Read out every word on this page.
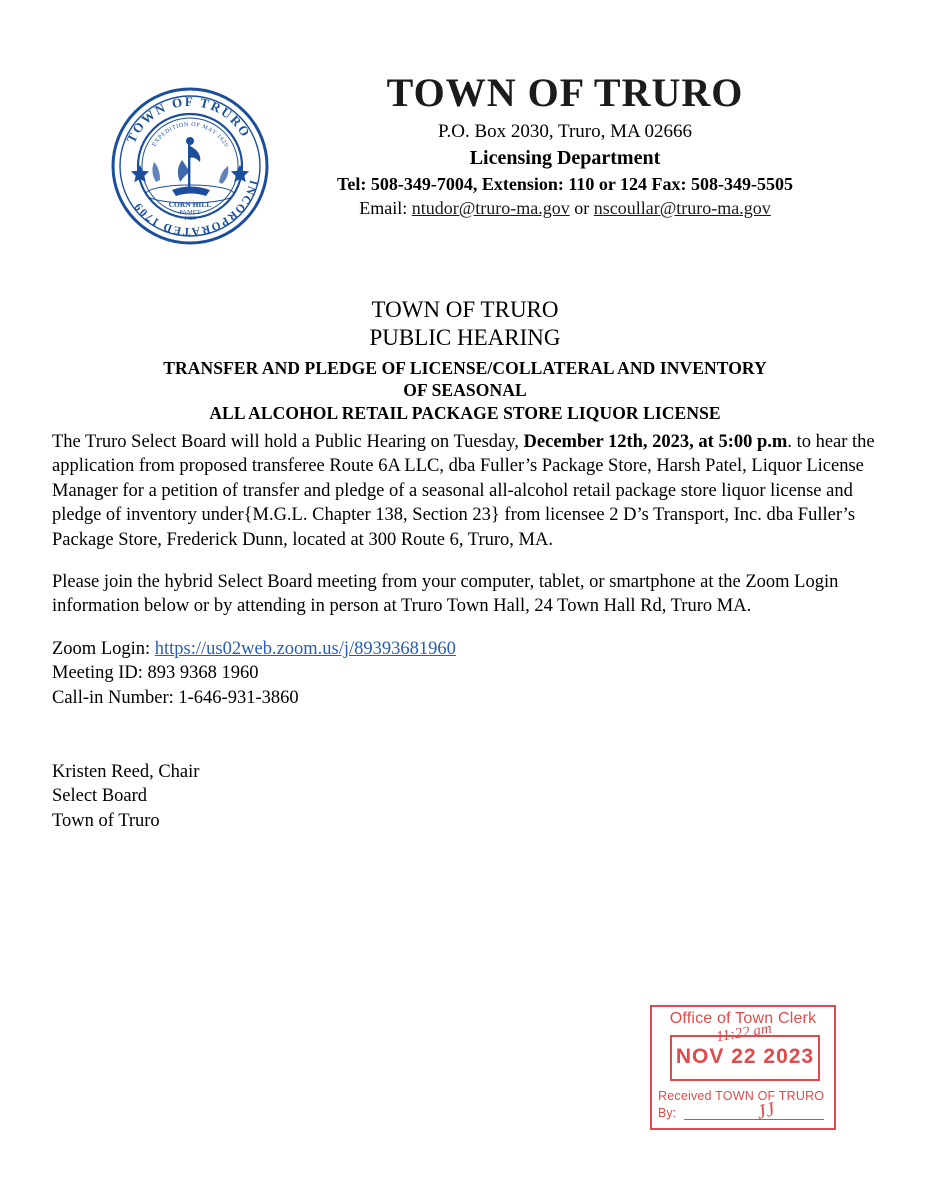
TOWN OF TRURO
INCORPORATED 1709
EXPEDITION OF MAY 1620
CORN HILL
PAMET
1620
TOWN OF TRURO
P.O. Box 2030, Truro, MA 02666
Licensing Department
Tel: 508-349-7004, Extension: 110 or 124 Fax: 508-349-5505
Email: ntudor@truro-ma.gov or nscoullar@truro-ma.gov
TOWN OF TRURO
PUBLIC HEARING
TRANSFER AND PLEDGE OF LICENSE/COLLATERAL AND INVENTORY
OF SEASONAL
ALL ALCOHOL RETAIL PACKAGE STORE LIQUOR LICENSE

The Truro Select Board will hold a Public Hearing on Tuesday, December 12th, 2023, at 5:00 p.m. to hear the application from proposed transferee Route 6A LLC, dba Fuller’s Package Store, Harsh Patel, Liquor License Manager for a petition of transfer and pledge of a seasonal all-alcohol retail package store liquor license and pledge of inventory under{M.G.L. Chapter 138, Section 23} from licensee 2 D’s Transport, Inc. dba Fuller’s Package Store, Frederick Dunn, located at 300 Route 6, Truro, MA.

Please join the hybrid Select Board meeting from your computer, tablet, or smartphone at the Zoom Login information below or by attending in person at Truro Town Hall, 24 Town Hall Rd, Truro MA.

Zoom Login: https://us02web.zoom.us/j/89393681960
Meeting ID: 893 9368 1960
Call-in Number: 1-646-931-3860
Kristen Reed, Chair
Select Board
Town of Truro
Office of Town Clerk
NOV 22 2023
11:22 am
Received TOWN OF TRURO
By:	JJ
